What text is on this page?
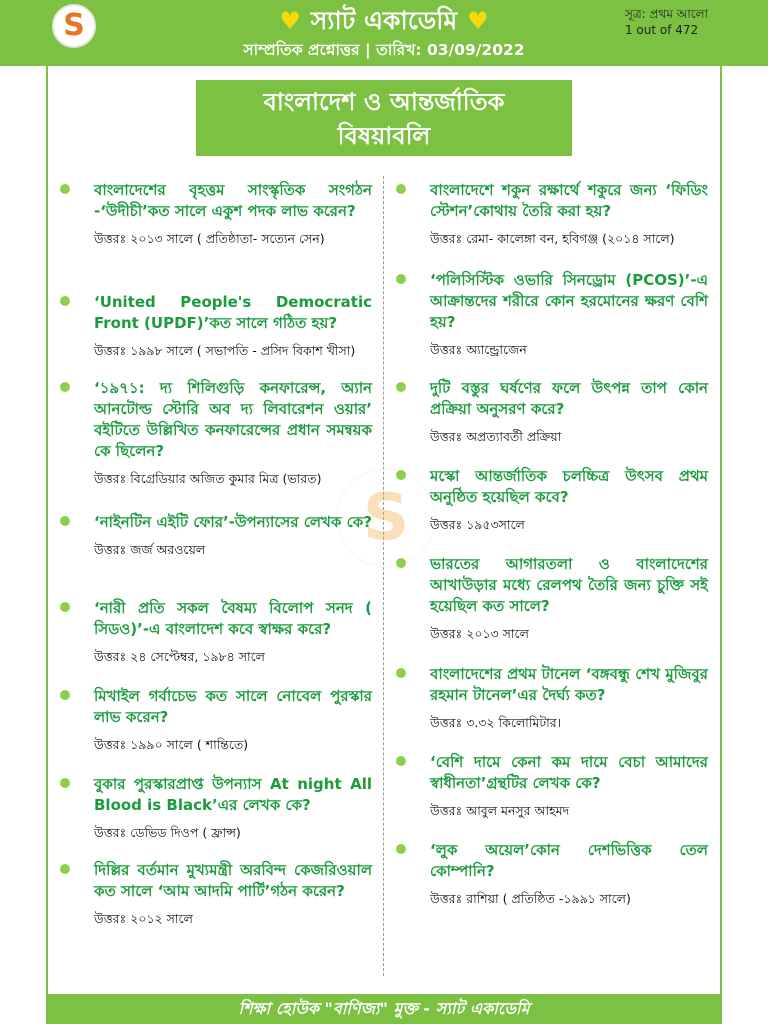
S	♥ স্যাট একাডেমি ♥
সাম্প্রতিক প্রশ্নোত্তর | তারিখ: 03/09/2022
সূত্র: প্রথম আলো
1 out of 472
বাংলাদেশ ও আন্তর্জাতিক
বিষয়াবলি
S
বাংলাদেশের বৃহত্তম সাংস্কৃতিক সংগঠন -‘উদীচী’কত সালে একুশ পদক লাভ করেন?
উত্তরঃ ২০১৩ সালে ( প্রতিষ্ঠাতা- সত্যেন সেন)
‘United People's Democratic Front (UPDF)’কত সালে গঠিত হয়?
উত্তরঃ ১৯৯৮ সালে ( সভাপতি - প্রসিদ বিকাশ খীসা)
‘১৯৭১: দ্য শিলিগুড়ি কনফারেন্স, অ্যান আনটোল্ড স্টোরি অব দ্য লিবারেশন ওয়ার’ বইটিতে উল্লিখিত কনফারেন্সের প্রধান সমন্বয়ক কে ছিলেন?
উত্তরঃ বিগ্রেডিয়ার অজিত কুমার মিত্র (ভারত)
‘নাইনটিন এইটি ফোর’-উপন্যাসের লেখক কে?
উত্তরঃ জর্জ অরওয়েল
‘নারী প্রতি সকল বৈষম্য বিলোপ সনদ ( সিডও)’-এ বাংলাদেশ কবে স্বাক্ষর করে?
উত্তরঃ ২৪ সেপ্টেম্বর, ১৯৮৪ সালে
মিখাইল গর্বাচেভ কত সালে নোবেল পুরস্কার লাভ করেন?
উত্তরঃ ১৯৯০ সালে ( শান্তিতে)
বুকার পুরস্কারপ্রাপ্ত উপন্যাস At night All Blood is Black’এর লেখক কে?
উত্তরঃ ডেভিড দিওপ ( ফ্রান্স)
দিল্লির বর্তমান মুখ্যমন্ত্রী অরবিন্দ কেজরিওয়াল কত সালে ‘আম আদমি পার্টি’গঠন করেন?
উত্তরঃ ২০১২ সালে
বাংলাদেশে শকুন রক্ষার্থে শকুরে জন্য ‘ফিডিং স্টেশন’কোথায় তৈরি করা হয়?
উত্তরঃ রেমা- কালেঙ্গা বন, হবিগঞ্জ (২০১৪ সালে)
‘পলিসিস্টিক ওভারি সিনড্রোম (PCOS)’-এ আক্রান্তদের শরীরে কোন হরমোনের ক্ষরণ বেশি হয়?
উত্তরঃ অ্যান্ড্রোজেন
দুটি বস্তুর ঘর্ষণের ফলে উৎপন্ন তাপ কোন প্রক্রিয়া অনুসরণ করে?
উত্তরঃ অপ্রত্যাবর্তী প্রক্রিয়া
মস্কো আন্তর্জাতিক চলচ্চিত্র উৎসব প্রথম অনুষ্ঠিত হয়েছিল কবে?
উত্তরঃ ১৯৫৩সালে
ভারতের আগারতলা ও বাংলাদেশের আখাউড়ার মধ্যে রেলপথ তৈরি জন্য চুক্তি সই হয়েছিল কত সালে?
উত্তরঃ ২০১৩ সালে
বাংলাদেশের প্রথম টানেল ‘বঙ্গবন্ধু শেখ মুজিবুর রহমান টানেল’এর দৈর্ঘ্য কত?
উত্তরঃ ৩.৩২ কিলোমিটার।
‘বেশি দামে কেনা কম দামে বেচা আমাদের স্বাধীনতা’গ্রন্থটির লেখক কে?
উত্তরঃ আবুল মনসুর আহমদ
‘লুক অয়েল’কোন দেশভিত্তিক তেল কোম্পানি?
উত্তরঃ রাশিয়া ( প্রতিষ্ঠিত -১৯৯১ সালে)
শিক্ষা হোউক "বাণিজ্য" মুক্ত - স্যাট একাডেমি
